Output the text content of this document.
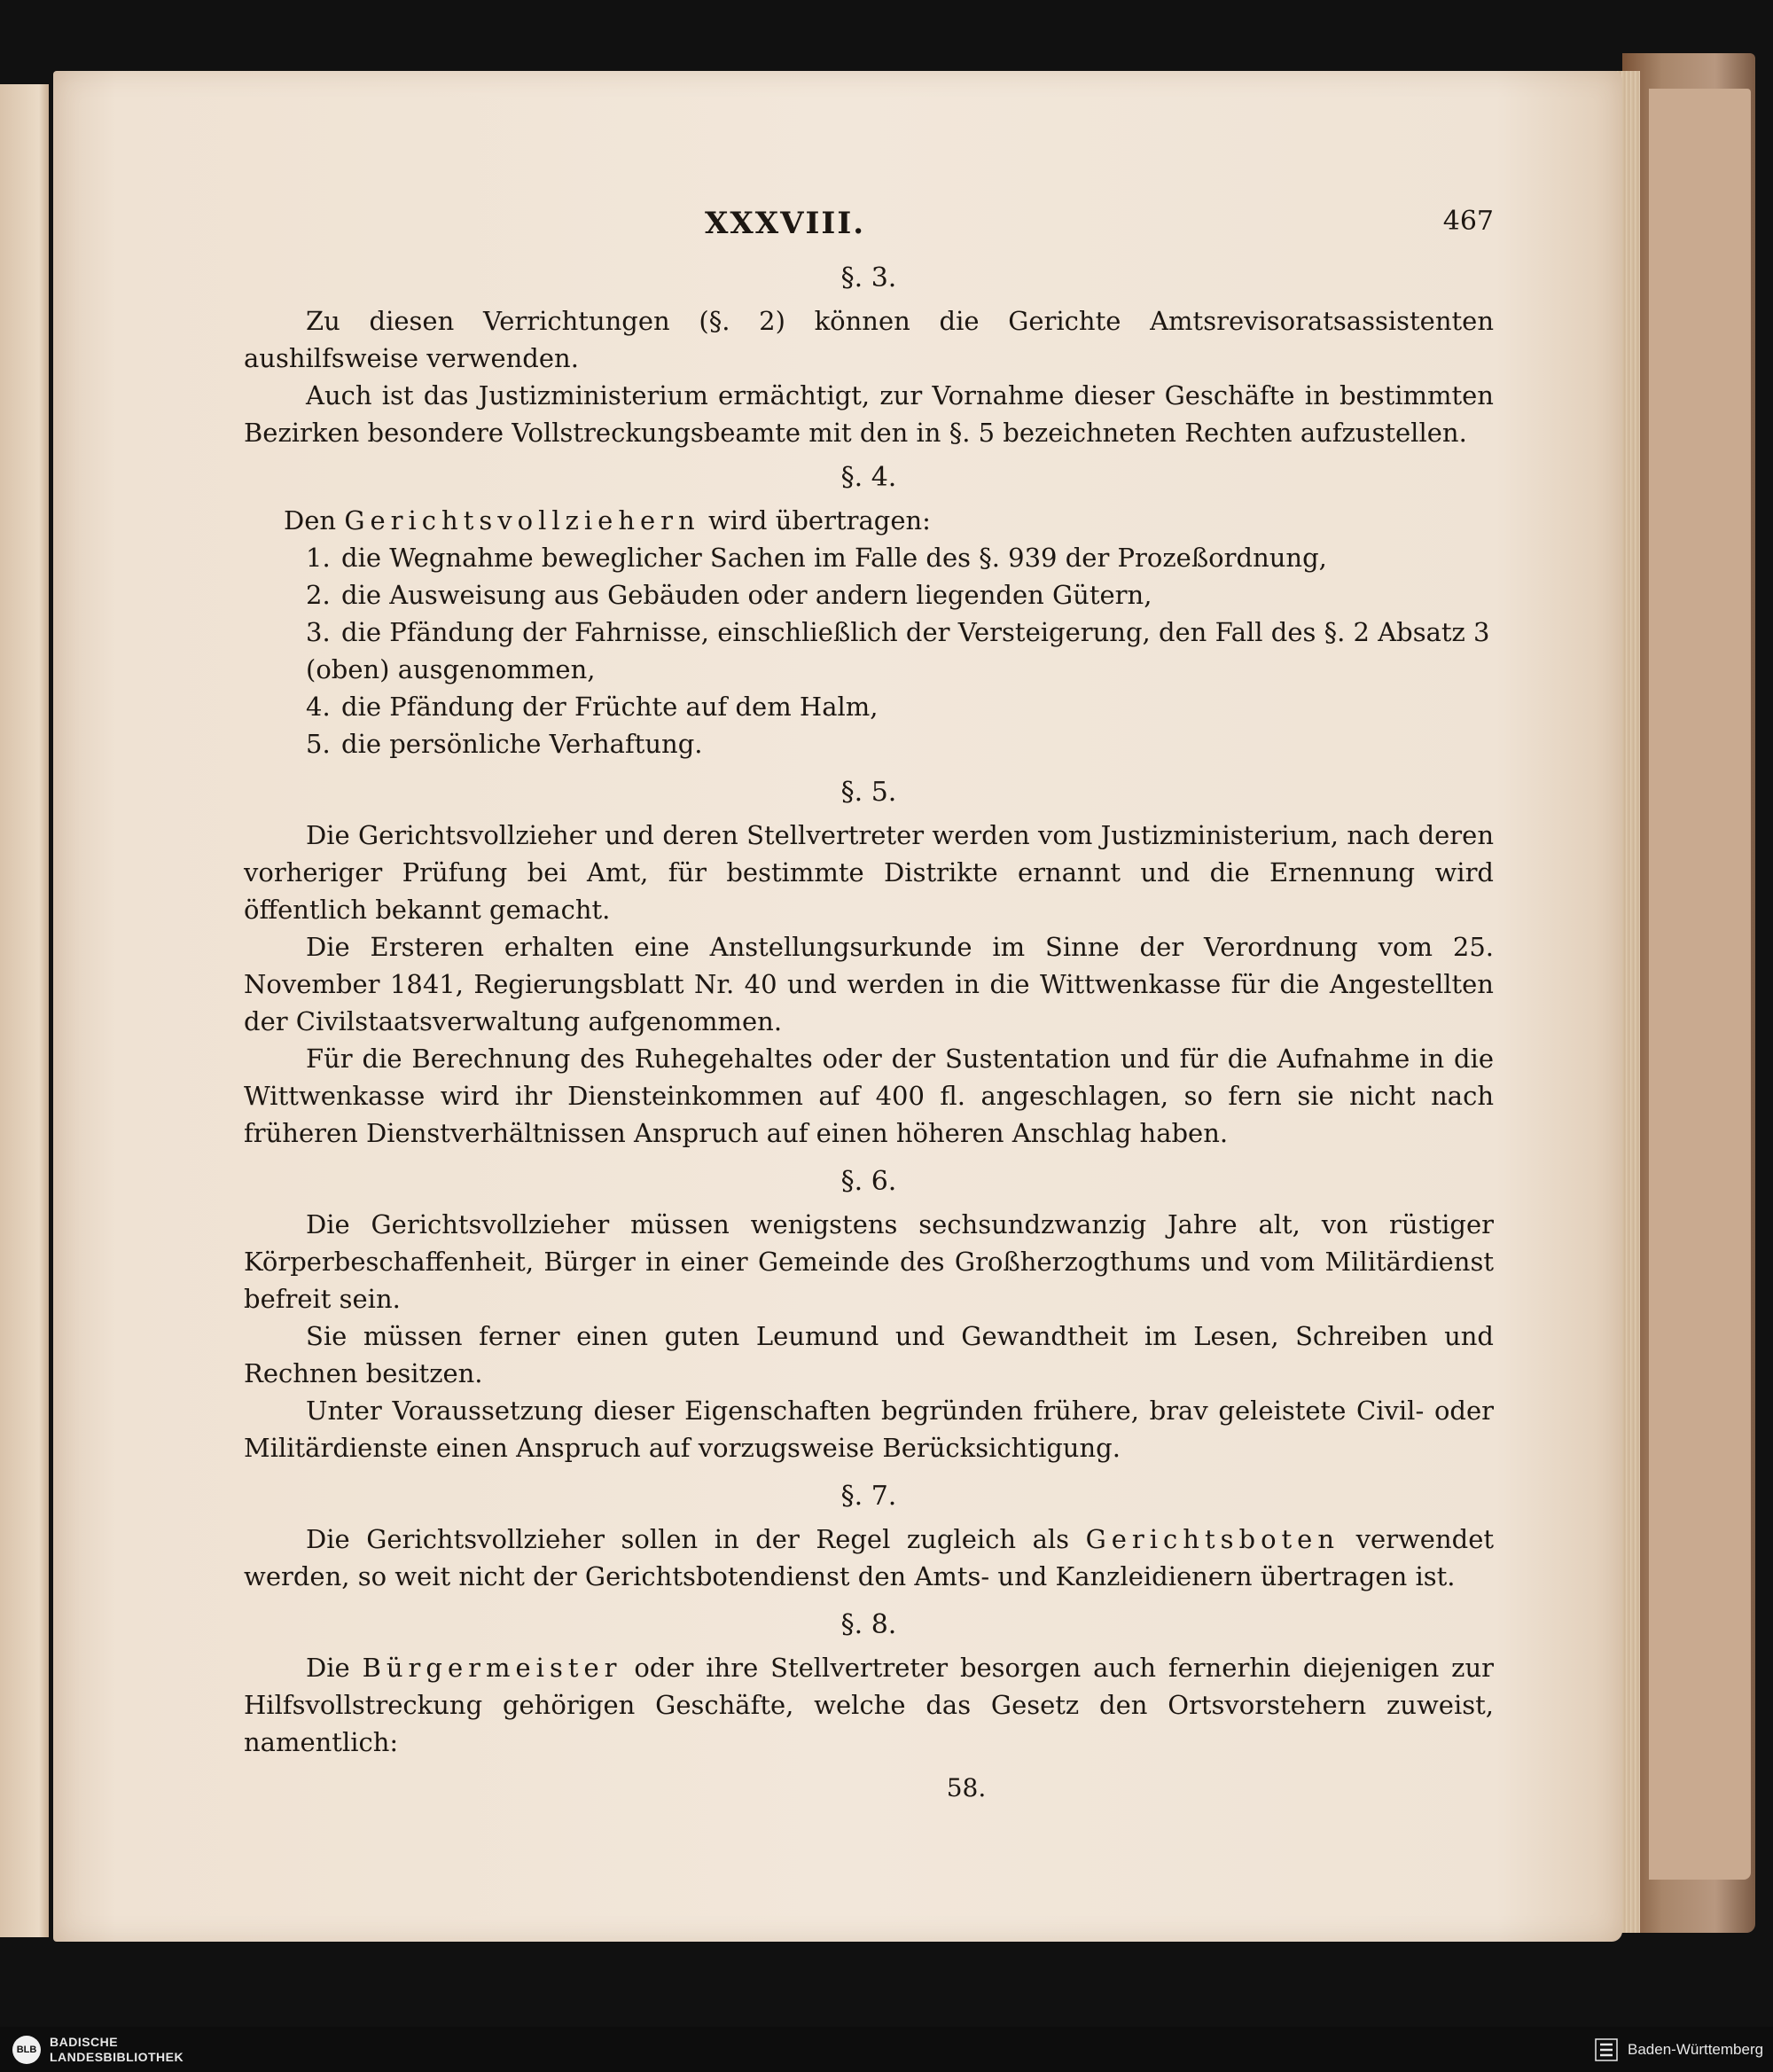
XXXVIII.	467
§. 3.

Zu diesen Verrichtungen (§. 2) können die Gerichte Amtsrevisoratsassistenten aushilfsweise verwenden.

Auch ist das Justizministerium ermächtigt, zur Vornahme dieser Geschäfte in bestimmten Bezirken besondere Vollstreckungsbeamte mit den in §. 5 bezeichneten Rechten aufzustellen.

§. 4.

Den Gerichtsvollziehern wird übertragen:

1. die Wegnahme beweglicher Sachen im Falle des §. 939 der Prozeßordnung,
2. die Ausweisung aus Gebäuden oder andern liegenden Gütern,
3. die Pfändung der Fahrnisse, einschließlich der Versteigerung, den Fall des §. 2 Absatz 3 (oben) ausgenommen,
4. die Pfändung der Früchte auf dem Halm,
5. die persönliche Verhaftung.
§. 5.

Die Gerichtsvollzieher und deren Stellvertreter werden vom Justizministerium, nach deren vorheriger Prüfung bei Amt, für bestimmte Distrikte ernannt und die Ernennung wird öffentlich bekannt gemacht.

Die Ersteren erhalten eine Anstellungsurkunde im Sinne der Verordnung vom 25. November 1841, Regierungsblatt Nr. 40 und werden in die Wittwenkasse für die Angestellten der Civilstaatsverwaltung aufgenommen.

Für die Berechnung des Ruhegehaltes oder der Sustentation und für die Aufnahme in die Wittwenkasse wird ihr Diensteinkommen auf 400 fl. angeschlagen, so fern sie nicht nach früheren Dienstverhältnissen Anspruch auf einen höheren Anschlag haben.

§. 6.

Die Gerichtsvollzieher müssen wenigstens sechsundzwanzig Jahre alt, von rüstiger Körperbeschaffenheit, Bürger in einer Gemeinde des Großherzogthums und vom Militärdienst befreit sein.

Sie müssen ferner einen guten Leumund und Gewandtheit im Lesen, Schreiben und Rechnen besitzen.

Unter Voraussetzung dieser Eigenschaften begründen frühere, brav geleistete Civil- oder Militärdienste einen Anspruch auf vorzugsweise Berücksichtigung.

§. 7.

Die Gerichtsvollzieher sollen in der Regel zugleich als Gerichtsboten verwendet werden, so weit nicht der Gerichtsbotendienst den Amts- und Kanzleidienern übertragen ist.

§. 8.

Die Bürgermeister oder ihre Stellvertreter besorgen auch fernerhin diejenigen zur Hilfsvollstreckung gehörigen Geschäfte, welche das Gesetz den Ortsvorstehern zuweist, namentlich:

58.
BLB
BADISCHE
LANDESBIBLIOTHEK	Baden-Württemberg
